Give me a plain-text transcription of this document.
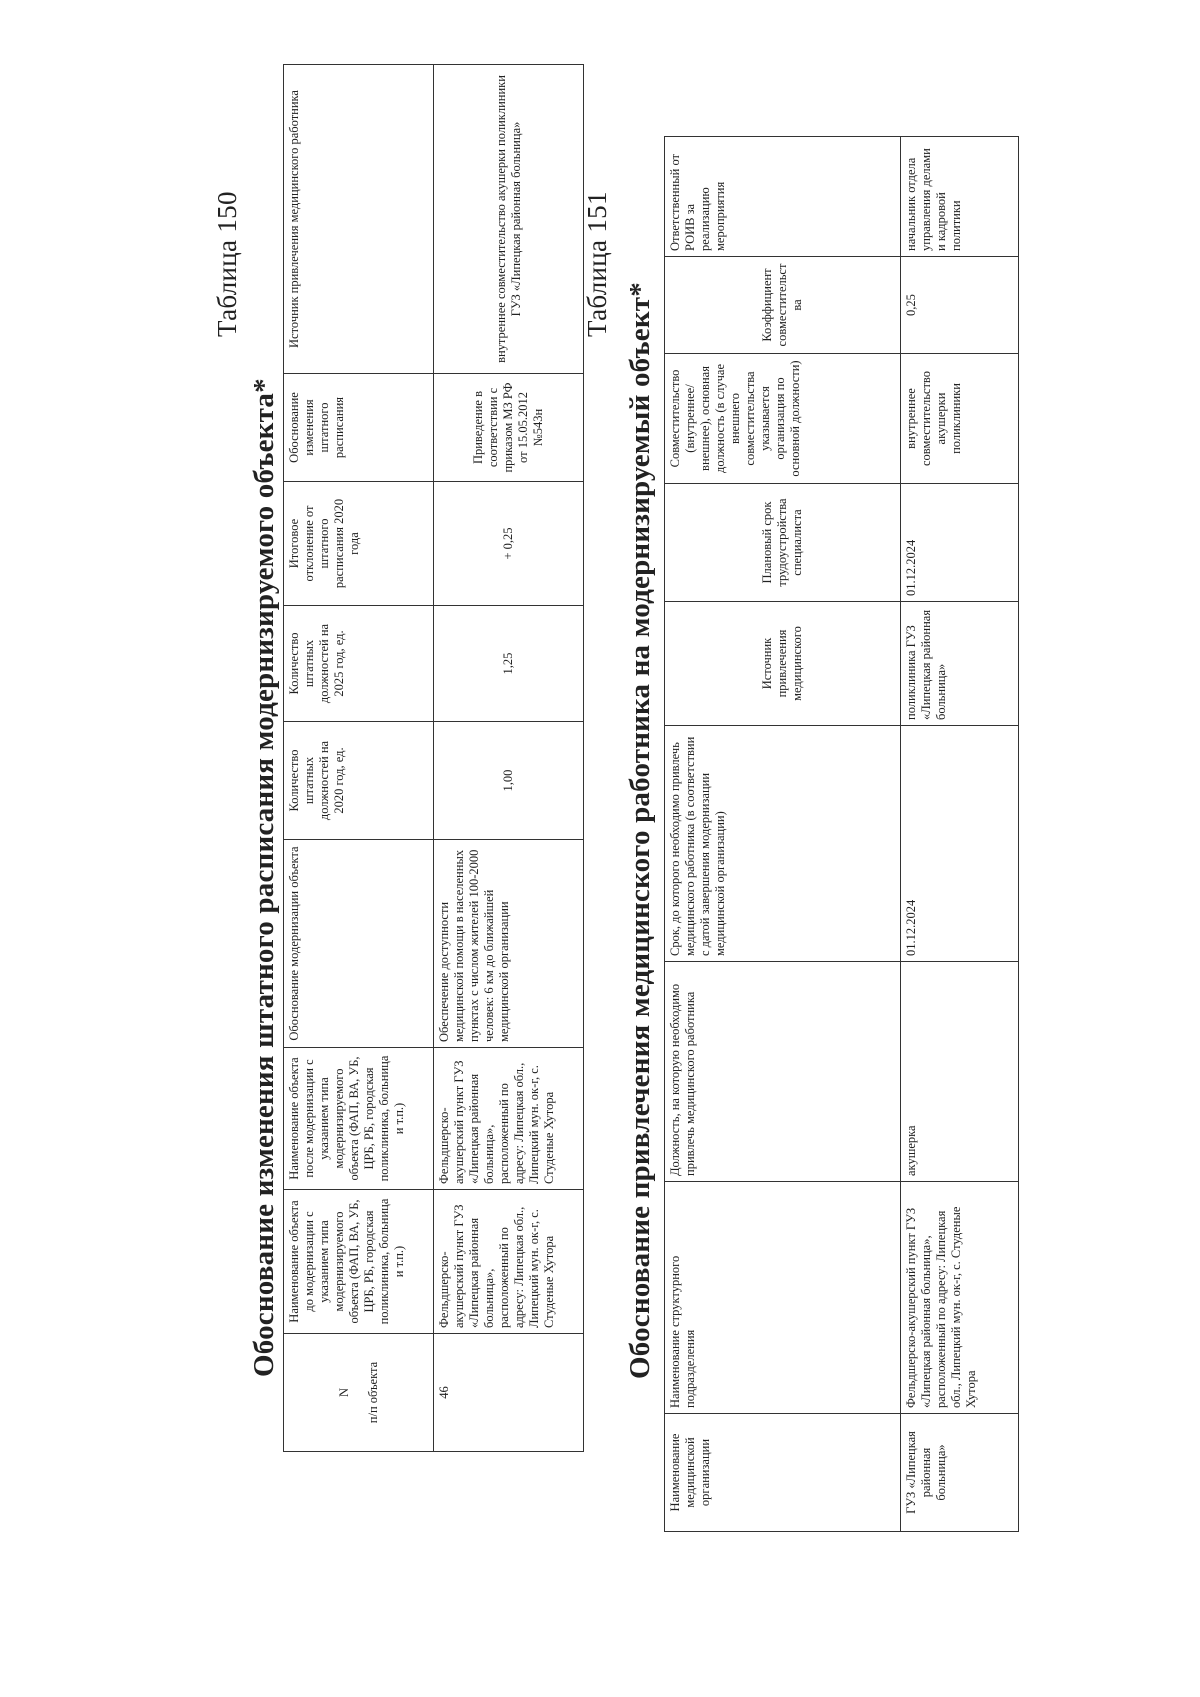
Таблица 150
Обоснование изменения штатного расписания модернизируемого объекта*
N п/п объекта	Наименование объекта до модернизации с указанием типа модернизируемого объекта (ФАП, ВА, УБ, ЦРБ, РБ, городская поликлиника, больница и т.п.)	Наименование объекта после модернизации с указанием типа модернизируемого объекта (ФАП, ВА, УБ, ЦРБ, РБ, городская поликлиника, больница и т.п.)	Обоснование модернизации объекта	Количество штатных должностей на 2020 год, ед.	Количество штатных должностей на 2025 год, ед.	Итоговое отклонение от штатного расписания 2020 года	Обоснование изменения штатного расписания	Источник привлечения медицинского работника
46	Фельдшерско-акушерский пункт ГУЗ «Липецкая районная больница», расположенный по адресу: Липецкая обл., Липецкий мун. ок-г, с. Студеные Хутора	Фельдшерско-акушерский пункт ГУЗ «Липецкая районная больница», расположенный по адресу: Липецкая обл., Липецкий мун. ок-г, с. Студеные Хутора	Обеспечение доступности медицинской помощи в населенных пунктах с числом жителей 100-2000 человек: 6 км до ближайшей медицинской организации	1,00	1,25	+ 0,25	Приведение в соответствии с приказом МЗ РФ от 15.05.2012 №543н	внутреннее совместительство акушерки поликлиники ГУЗ «Липецкая районная больница» Таблица 151
Обоснование привлечения медицинского работника на модернизируемый объект*
Наименование медицинской организации	Наименование структурного подразделения	Должность, на которую необходимо привлечь медицинского работника	Срок, до которого необходимо привлечь медицинского работника (в соответствии с датой завершения модернизации медицинской организации)	Источник привлечения медицинского	Плановый срок трудоустройства специалиста	Совместительство (внутреннее/внешнее), основная должность (в случае внешнего совместительства указывается организация по основной должности)	Коэффициент совместительства	Ответственный от РОИВ за реализацию мероприятия
ГУЗ «Липецкая районная больница»	Фельдшерско-акушерский пункт ГУЗ «Липецкая районная больница», расположенный по адресу: Липецкая обл., Липецкий мун. ок-г, с. Студеные Хутора	акушерка	01.12.2024	поликлиника ГУЗ «Липецкая районная больница»	01.12.2024	внутреннее совместительство акушерки поликлиники	0,25	начальник отдела управления делами и кадровой политики
